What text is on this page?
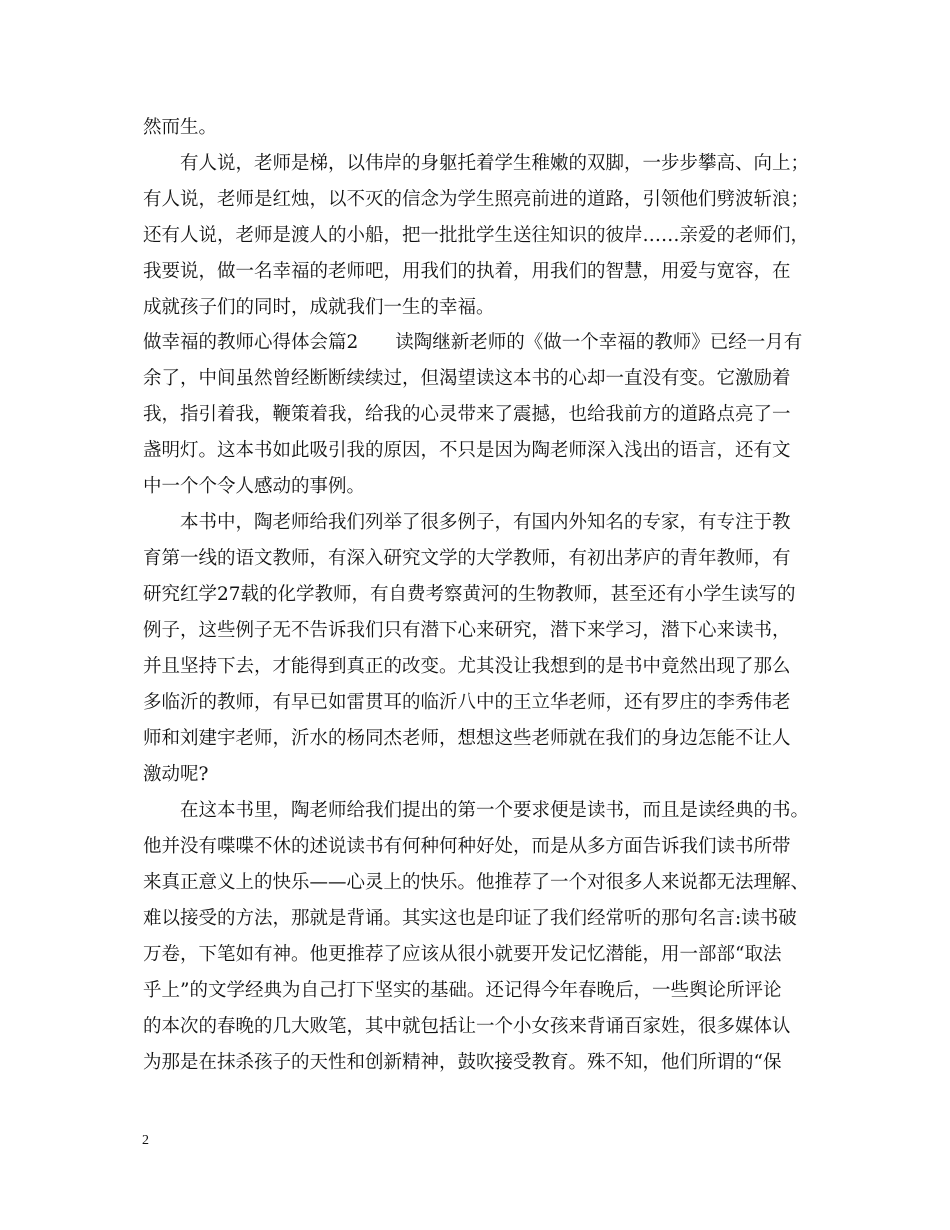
然而生。
有人说，老师是梯，以伟岸的身躯托着学生稚嫩的双脚，一步步攀高、向上；
有人说，老师是红烛，以不灭的信念为学生照亮前进的道路，引领他们劈波斩浪；
还有人说，老师是渡人的小船，把一批批学生送往知识的彼岸……亲爱的老师们，
我要说，做一名幸福的老师吧，用我们的执着，用我们的智慧，用爱与宽容，在
成就孩子们的同时，成就我们一生的幸福。
做幸福的教师心得体会篇2　　读陶继新老师的《做一个幸福的教师》已经一月有
余了，中间虽然曾经断断续续过，但渴望读这本书的心却一直没有变。它激励着
我，指引着我，鞭策着我，给我的心灵带来了震撼，也给我前方的道路点亮了一
盏明灯。这本书如此吸引我的原因，不只是因为陶老师深入浅出的语言，还有文
中一个个令人感动的事例。
本书中，陶老师给我们列举了很多例子，有国内外知名的专家，有专注于教
育第一线的语文教师，有深入研究文学的大学教师，有初出茅庐的青年教师，有
研究红学27载的化学教师，有自费考察黄河的生物教师，甚至还有小学生读写的
例子，这些例子无不告诉我们只有潜下心来研究，潜下来学习，潜下心来读书，
并且坚持下去，才能得到真正的改变。尤其没让我想到的是书中竟然出现了那么
多临沂的教师，有早已如雷贯耳的临沂八中的王立华老师，还有罗庄的李秀伟老
师和刘建宇老师，沂水的杨同杰老师，想想这些老师就在我们的身边怎能不让人
激动呢?
在这本书里，陶老师给我们提出的第一个要求便是读书，而且是读经典的书。
他并没有喋喋不休的述说读书有何种何种好处，而是从多方面告诉我们读书所带
来真正意义上的快乐——心灵上的快乐。他推荐了一个对很多人来说都无法理解、
难以接受的方法，那就是背诵。其实这也是印证了我们经常听的那句名言:读书破
万卷，下笔如有神。他更推荐了应该从很小就要开发记忆潜能，用一部部“取法
乎上”的文学经典为自己打下坚实的基础。还记得今年春晚后，一些舆论所评论
的本次的春晚的几大败笔，其中就包括让一个小女孩来背诵百家姓，很多媒体认
为那是在抹杀孩子的天性和创新精神，鼓吹接受教育。殊不知，他们所谓的“保
2
